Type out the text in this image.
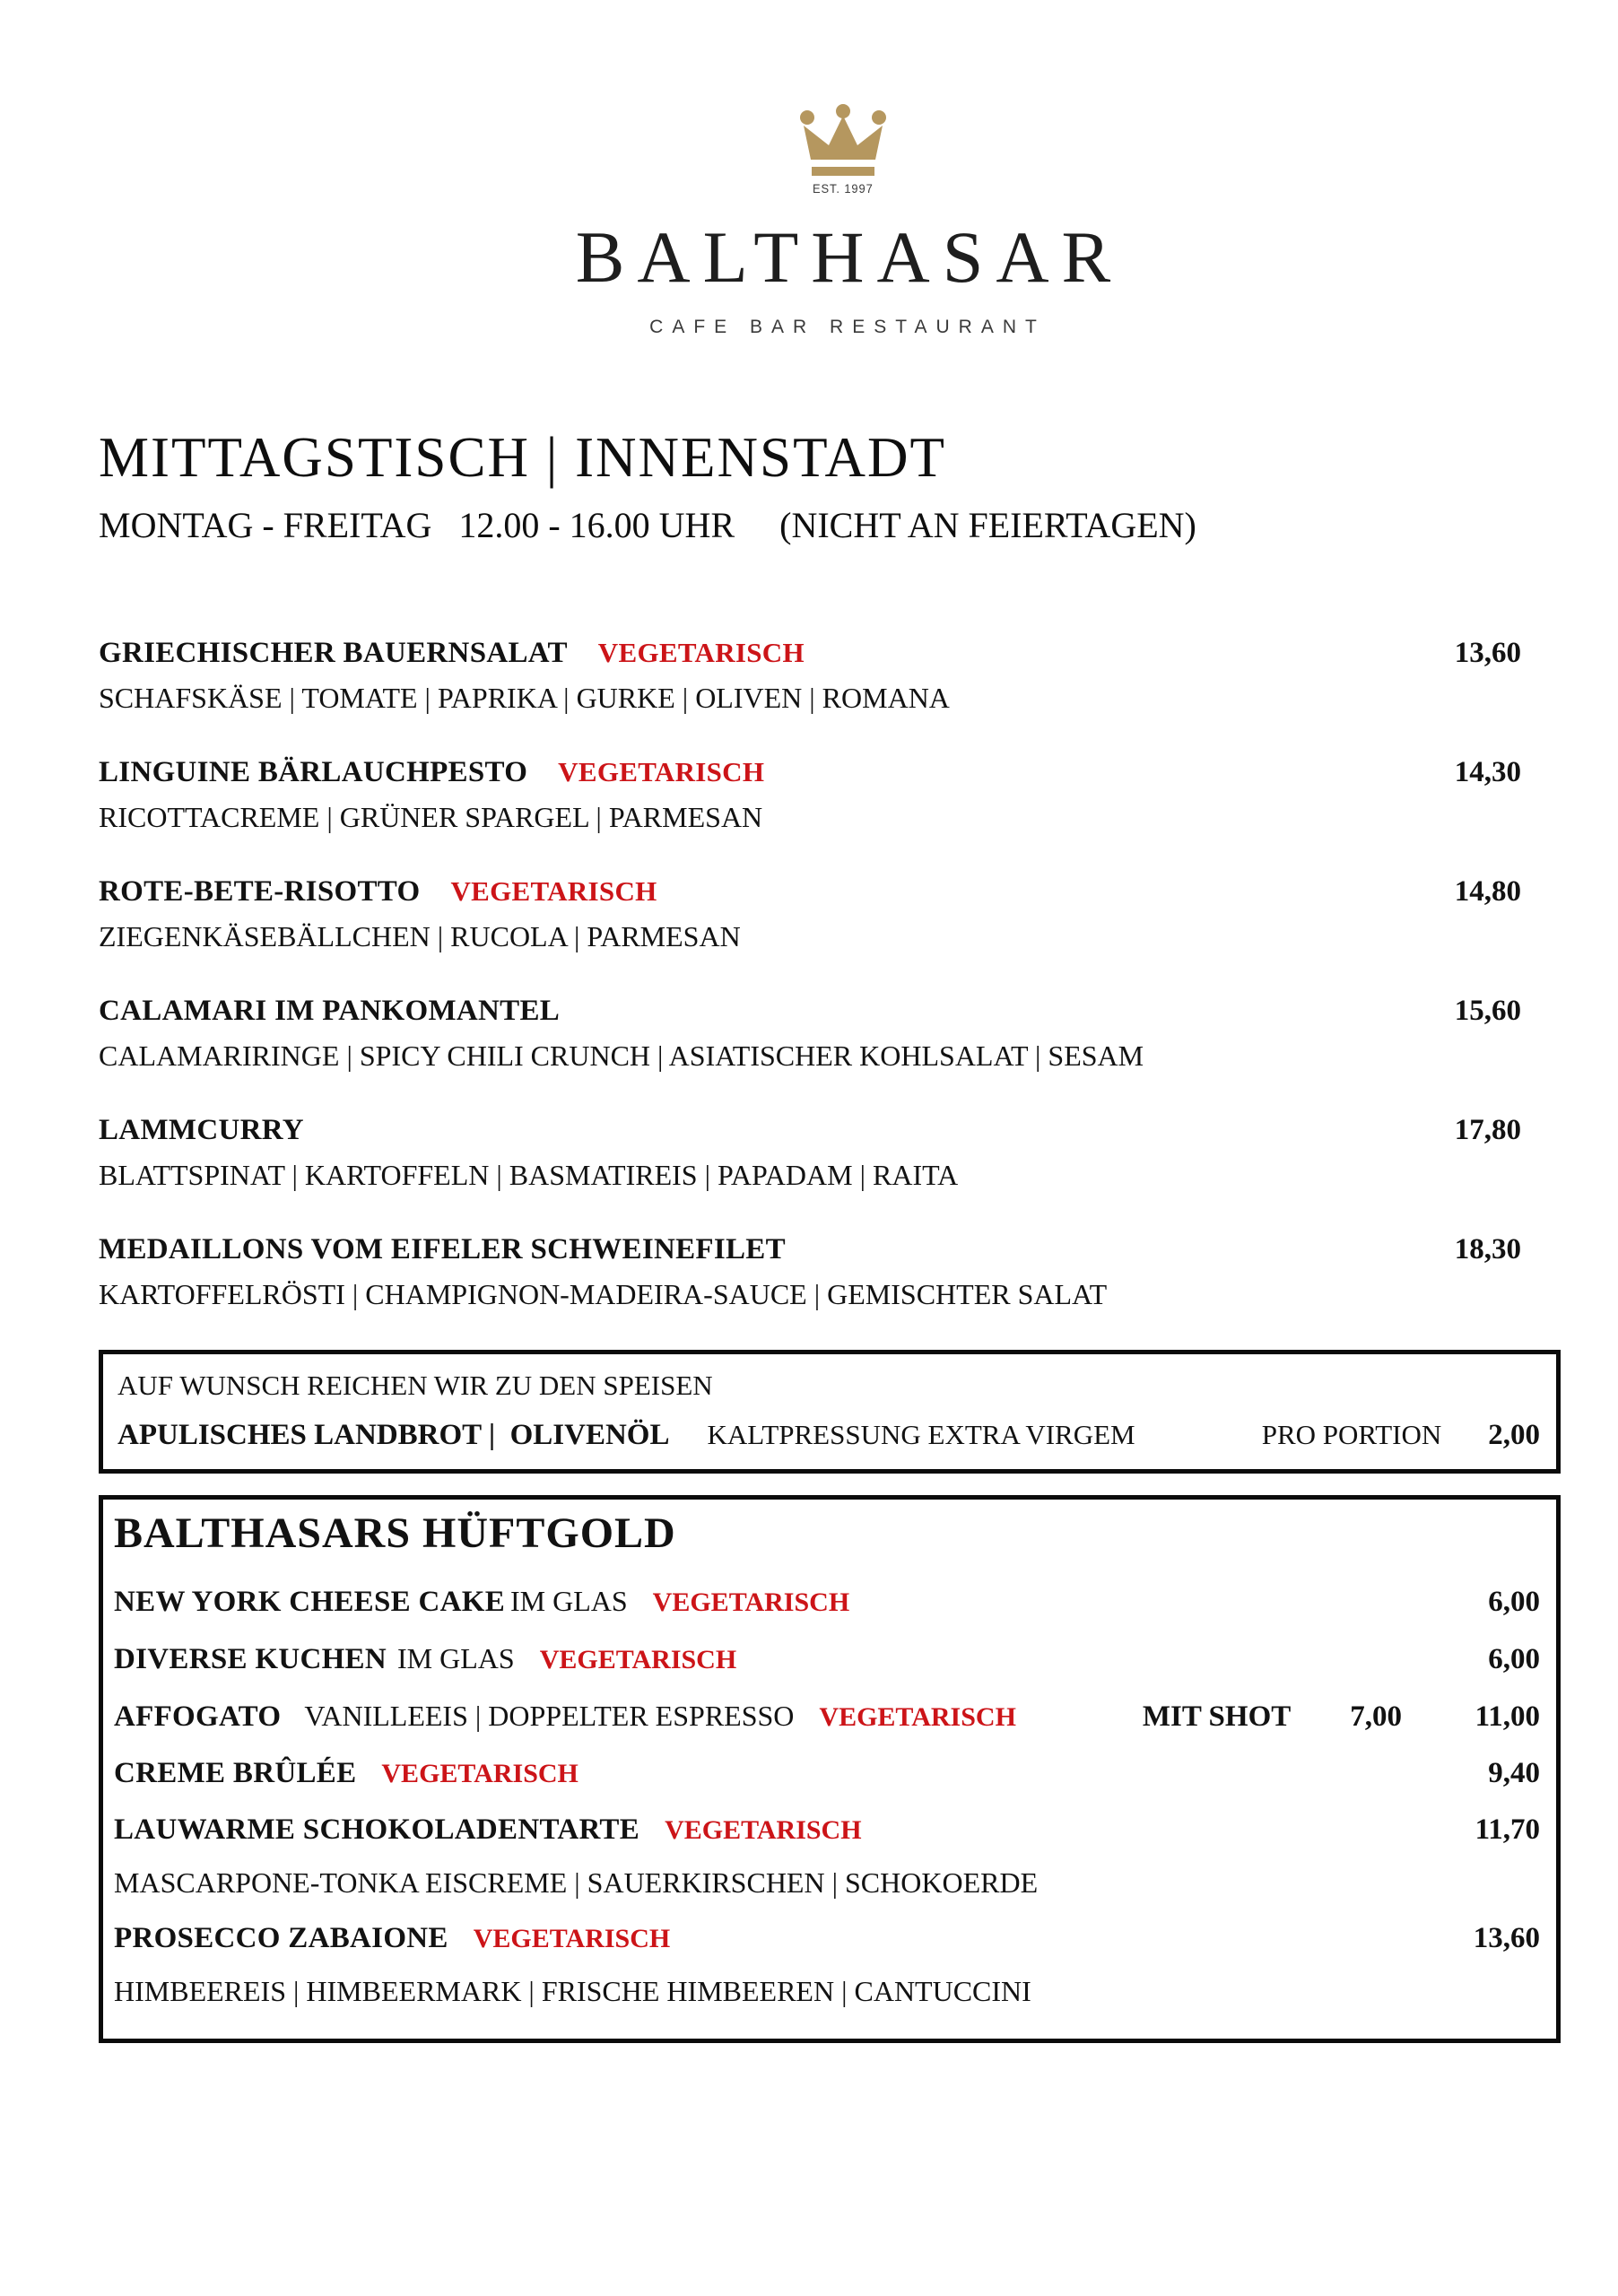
EST. 1997
BALTHASAR
CAFE BAR RESTAURANT
MITTAGSTISCH | INNENSTADT
MONTAG - FREITAG   12.00 - 16.00 UHR     (NICHT AN FEIERTAGEN)
GRIECHISCHER BAUERNSALAT VEGETARISCH	13,60
SCHAFSKÄSE | TOMATE | PAPRIKA | GURKE | OLIVEN | ROMANA
LINGUINE BÄRLAUCHPESTO VEGETARISCH	14,30
RICOTTACREME | GRÜNER SPARGEL | PARMESAN
ROTE-BETE-RISOTTO VEGETARISCH	14,80
ZIEGENKÄSEBÄLLCHEN | RUCOLA | PARMESAN
CALAMARI IM PANKOMANTEL	15,60
CALAMARIRINGE | SPICY CHILI CRUNCH | ASIATISCHER KOHLSALAT | SESAM
LAMMCURRY	17,80
BLATTSPINAT | KARTOFFELN | BASMATIREIS | PAPADAM | RAITA
MEDAILLONS VOM EIFELER SCHWEINEFILET	18,30
KARTOFFELRÖSTI | CHAMPIGNON-MADEIRA-SAUCE | GEMISCHTER SALAT
AUF WUNSCH REICHEN WIR ZU DEN SPEISEN
APULISCHES LANDBROT |  OLIVENÖL KALTPRESSUNG EXTRA VIRGEM	PRO PORTION 2,00
BALTHASARS HÜFTGOLD
NEW YORK CHEESE CAKE IM GLAS VEGETARISCH	6,00
DIVERSE KUCHEN IM GLAS VEGETARISCH	6,00
AFFOGATO VANILLEEIS | DOPPELTER ESPRESSO VEGETARISCH	MIT SHOT 7,00	11,00
CREME BRÛLÉE VEGETARISCH	9,40
LAUWARME SCHOKOLADENTARTE VEGETARISCH	11,70
MASCARPONE-TONKA EISCREME | SAUERKIRSCHEN | SCHOKOERDE
PROSECCO ZABAIONE VEGETARISCH	13,60
HIMBEEREIS | HIMBEERMARK | FRISCHE HIMBEEREN | CANTUCCINI
